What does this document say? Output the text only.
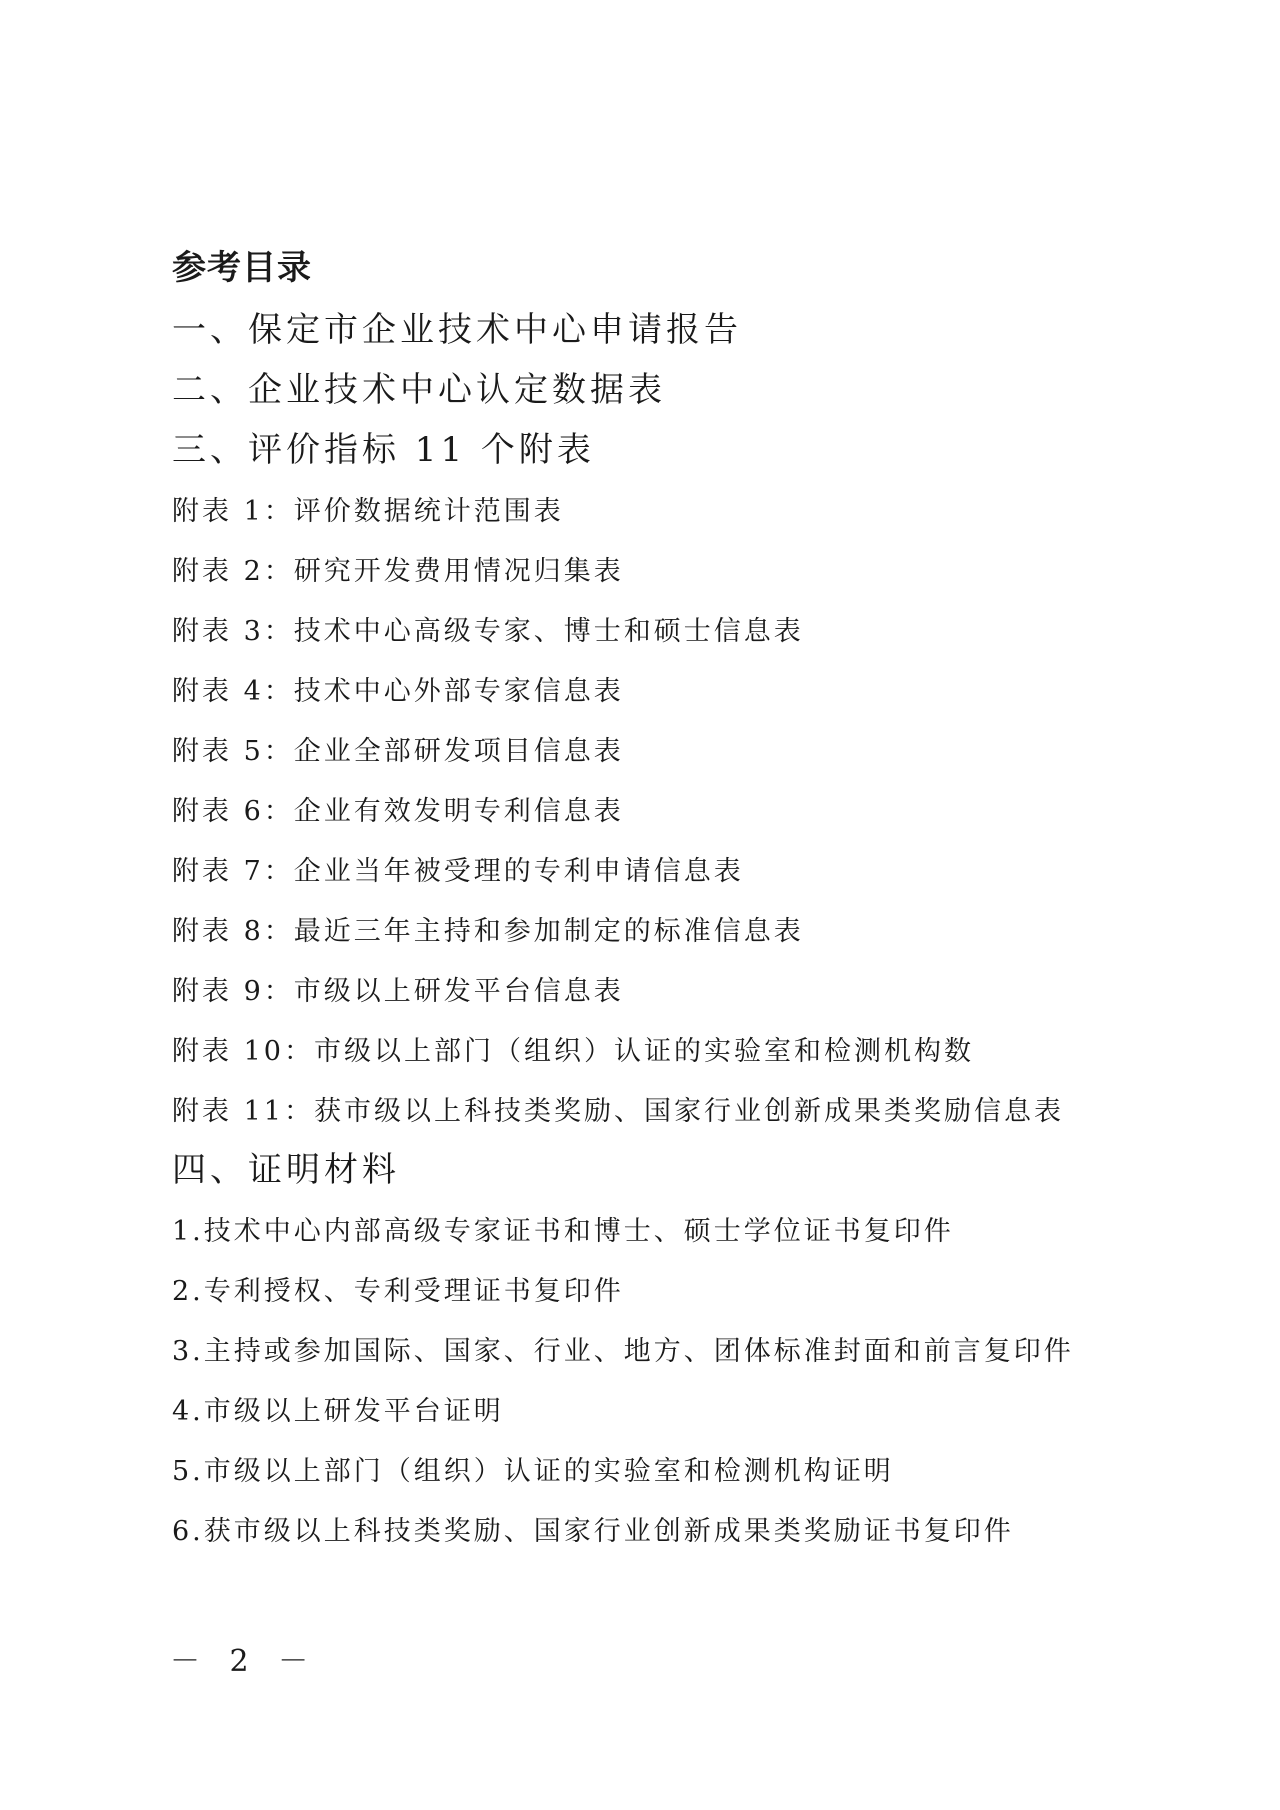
参考目录
一、保定市企业技术中心申请报告
二、企业技术中心认定数据表
三、评价指标 11 个附表
附表 1：评价数据统计范围表
附表 2：研究开发费用情况归集表
附表 3：技术中心高级专家、博士和硕士信息表
附表 4：技术中心外部专家信息表
附表 5：企业全部研发项目信息表
附表 6：企业有效发明专利信息表
附表 7：企业当年被受理的专利申请信息表
附表 8：最近三年主持和参加制定的标准信息表
附表 9：市级以上研发平台信息表
附表 10：市级以上部门（组织）认证的实验室和检测机构数
附表 11：获市级以上科技类奖励、国家行业创新成果类奖励信息表
四、证明材料
1.技术中心内部高级专家证书和博士、硕士学位证书复印件
2.专利授权、专利受理证书复印件
3.主持或参加国际、国家、行业、地方、团体标准封面和前言复印件
4.市级以上研发平台证明
5.市级以上部门（组织）认证的实验室和检测机构证明
6.获市级以上科技类奖励、国家行业创新成果类奖励证书复印件
－ 2 －
